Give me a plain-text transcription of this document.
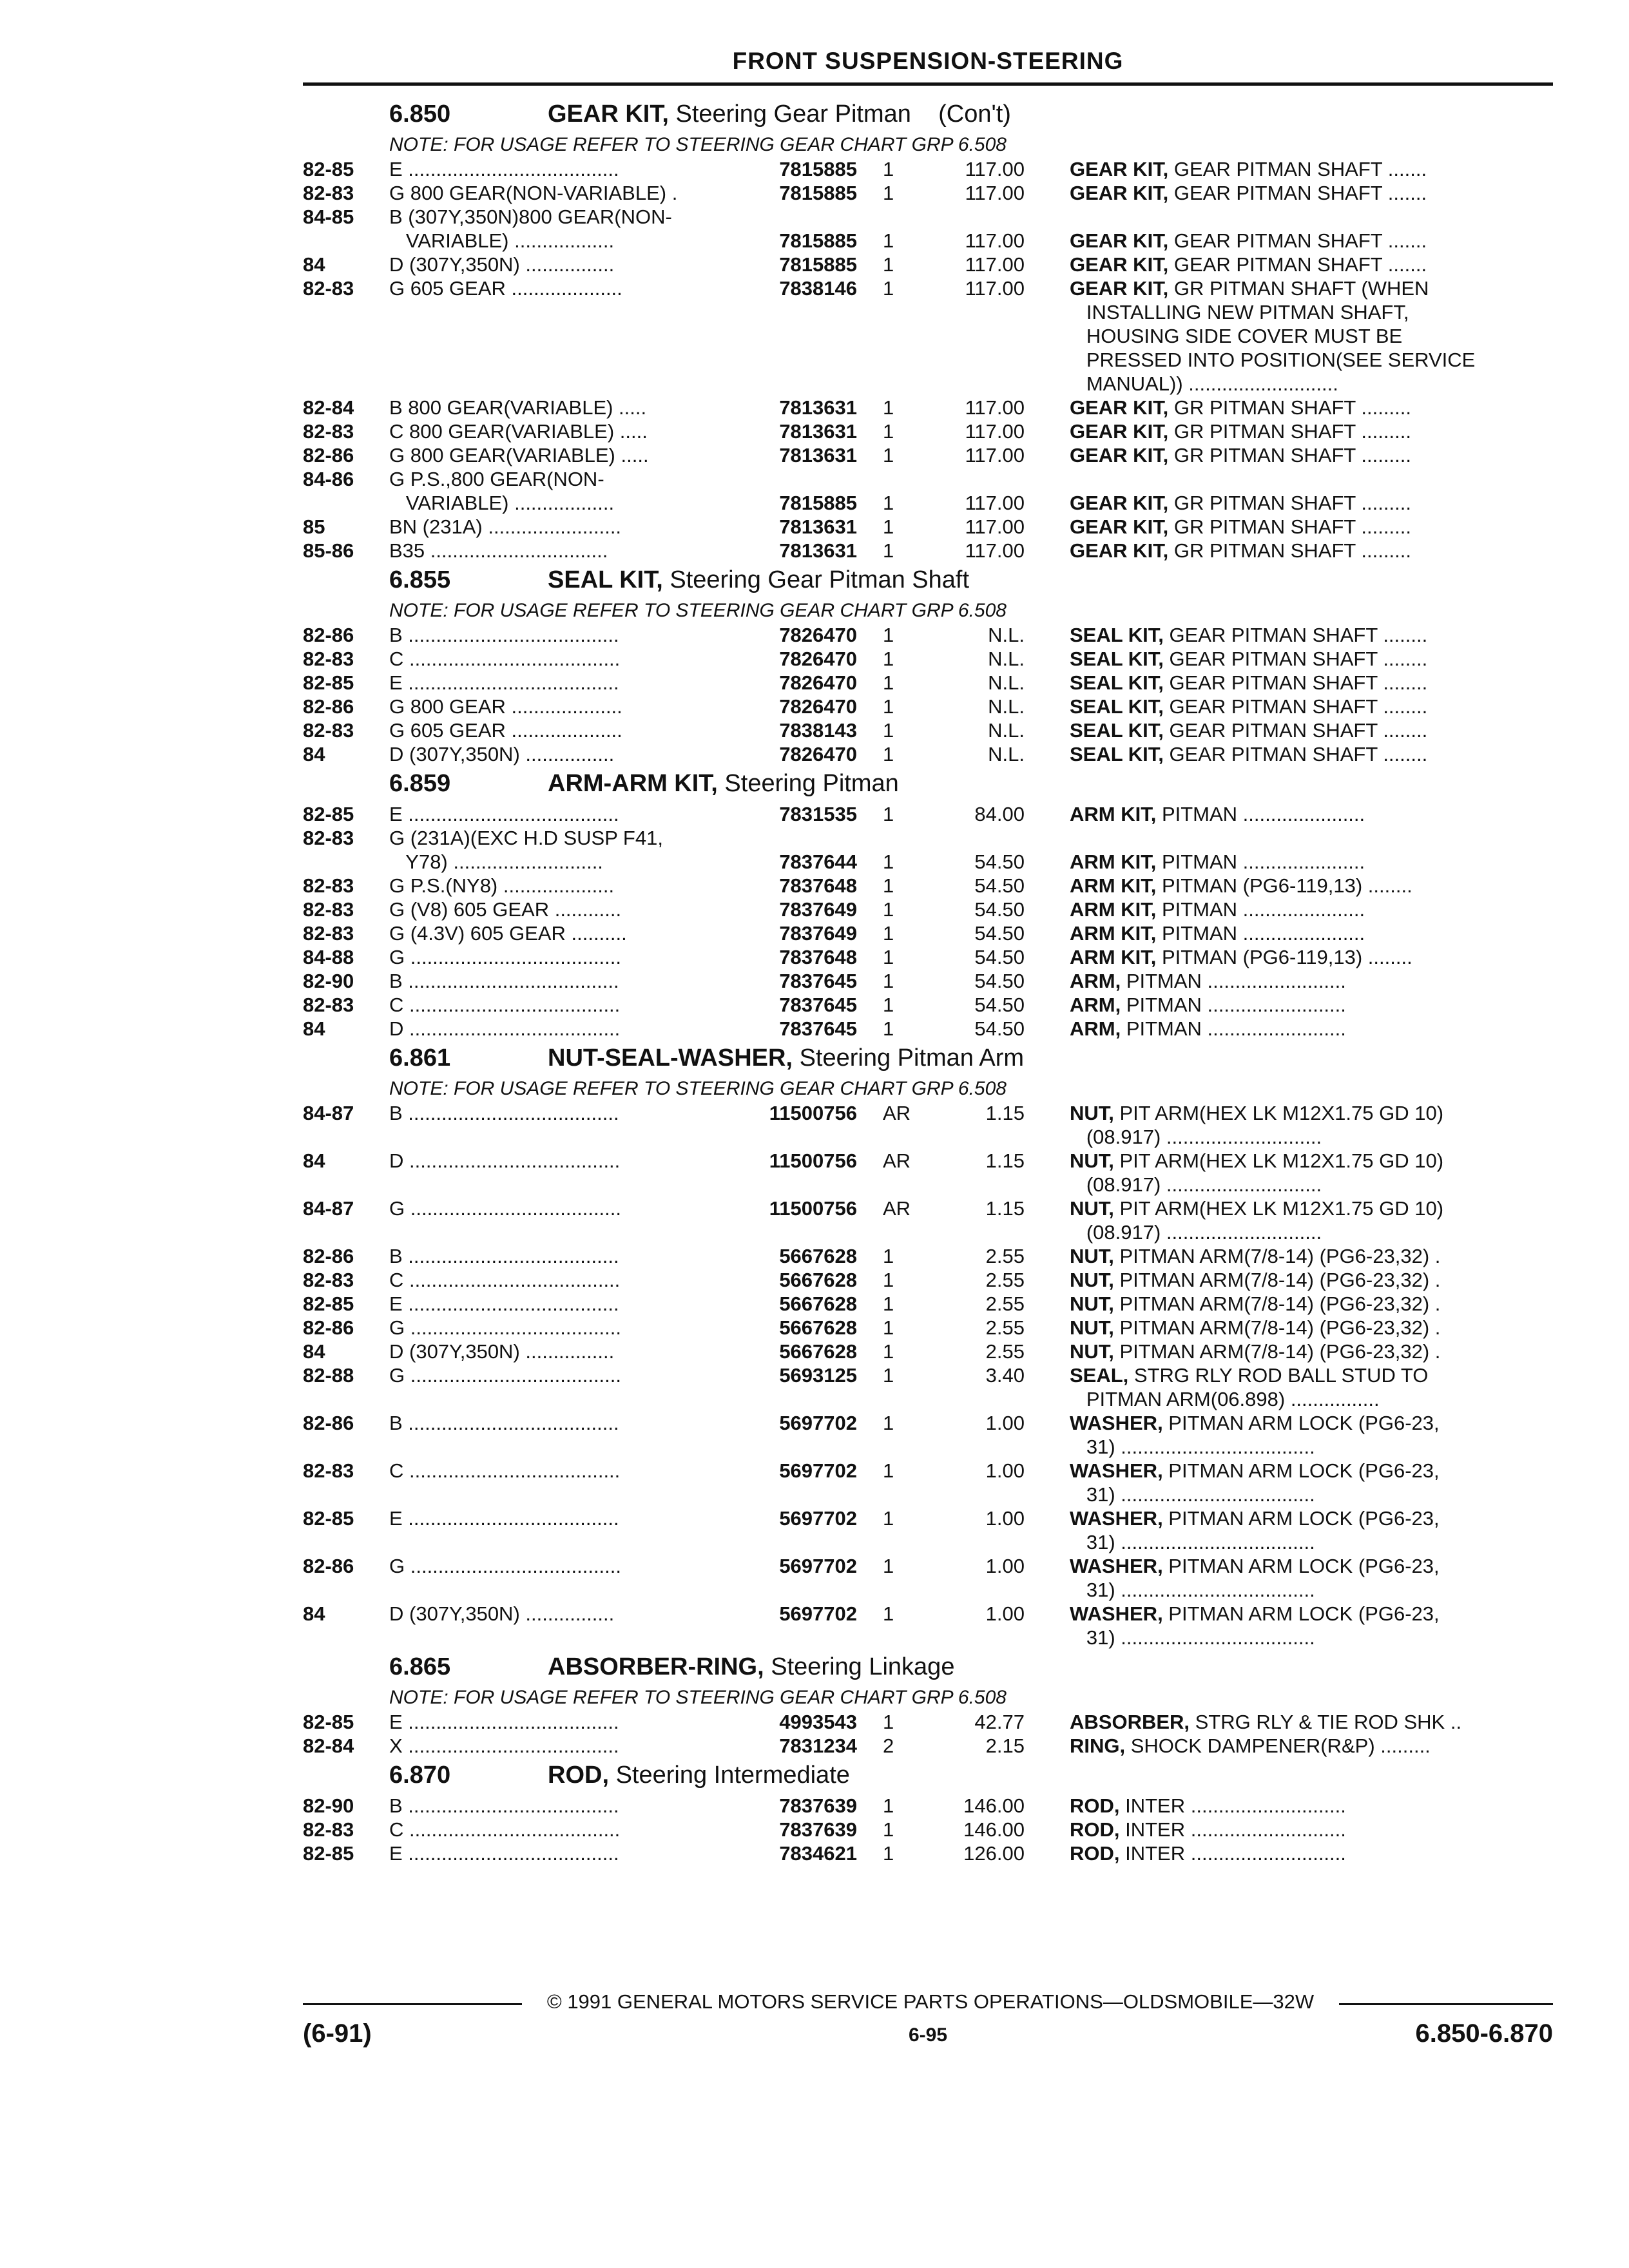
FRONT SUSPENSION-STEERING
6.850	GEAR KIT, Steering Gear Pitman (Con't)
NOTE: FOR USAGE REFER TO STEERING GEAR CHART GRP 6.508
82-85	E ......................................	7815885 1	117.00 GEAR KIT, GEAR PITMAN SHAFT .......
82-83	G 800 GEAR(NON-VARIABLE) .	7815885 1	117.00 GEAR KIT, GEAR PITMAN SHAFT .......
84-85	B (307Y,350N)800 GEAR(NON-
VARIABLE) ..................	7815885 1	117.00 GEAR KIT, GEAR PITMAN SHAFT .......
84	D (307Y,350N) ................	7815885 1	117.00 GEAR KIT, GEAR PITMAN SHAFT .......
82-83	G 605 GEAR ....................	7838146 1	117.00 GEAR KIT, GR PITMAN SHAFT (WHEN
INSTALLING NEW PITMAN SHAFT,
HOUSING SIDE COVER MUST BE
PRESSED INTO POSITION(SEE SERVICE
MANUAL)) ...........................
82-84	B 800 GEAR(VARIABLE) .....	7813631 1	117.00 GEAR KIT, GR PITMAN SHAFT .........
82-83	C 800 GEAR(VARIABLE) .....	7813631 1	117.00 GEAR KIT, GR PITMAN SHAFT .........
82-86	G 800 GEAR(VARIABLE) .....	7813631 1	117.00 GEAR KIT, GR PITMAN SHAFT .........
84-86	G P.S.,800 GEAR(NON-
VARIABLE) ..................	7815885 1	117.00 GEAR KIT, GR PITMAN SHAFT .........
85	BN (231A) ........................	7813631 1	117.00 GEAR KIT, GR PITMAN SHAFT .........
85-86	B35 ................................	7813631 1	117.00 GEAR KIT, GR PITMAN SHAFT .........
6.855	SEAL KIT, Steering Gear Pitman Shaft
NOTE: FOR USAGE REFER TO STEERING GEAR CHART GRP 6.508
82-86	B ......................................	7826470 1	N.L. SEAL KIT, GEAR PITMAN SHAFT ........
82-83	C ......................................	7826470 1	N.L. SEAL KIT, GEAR PITMAN SHAFT ........
82-85	E ......................................	7826470 1	N.L. SEAL KIT, GEAR PITMAN SHAFT ........
82-86	G 800 GEAR ....................	7826470 1	N.L. SEAL KIT, GEAR PITMAN SHAFT ........
82-83	G 605 GEAR ....................	7838143 1	N.L. SEAL KIT, GEAR PITMAN SHAFT ........
84	D (307Y,350N) ................	7826470 1	N.L. SEAL KIT, GEAR PITMAN SHAFT ........
6.859	ARM-ARM KIT, Steering Pitman
82-85	E ......................................	7831535 1	84.00 ARM KIT, PITMAN ......................
82-83	G (231A)(EXC H.D SUSP F41,
Y78) ...........................	7837644 1	54.50 ARM KIT, PITMAN ......................
82-83	G P.S.(NY8) ....................	7837648 1	54.50 ARM KIT, PITMAN (PG6-119,13) ........
82-83	G (V8) 605 GEAR ............	7837649 1	54.50 ARM KIT, PITMAN ......................
82-83	G (4.3V) 605 GEAR ..........	7837649 1	54.50 ARM KIT, PITMAN ......................
84-88	G ......................................	7837648 1	54.50 ARM KIT, PITMAN (PG6-119,13) ........
82-90	B ......................................	7837645 1	54.50 ARM, PITMAN .........................
82-83	C ......................................	7837645 1	54.50 ARM, PITMAN .........................
84	D ......................................	7837645 1	54.50 ARM, PITMAN .........................
6.861	NUT-SEAL-WASHER, Steering Pitman Arm
NOTE: FOR USAGE REFER TO STEERING GEAR CHART GRP 6.508
84-87	B ......................................	11500756 AR	1.15 NUT, PIT ARM(HEX LK M12X1.75 GD 10)
(08.917) ............................
84	D ......................................	11500756 AR	1.15 NUT, PIT ARM(HEX LK M12X1.75 GD 10)
(08.917) ............................
84-87	G ......................................	11500756 AR	1.15 NUT, PIT ARM(HEX LK M12X1.75 GD 10)
(08.917) ............................
82-86	B ......................................	5667628 1	2.55 NUT, PITMAN ARM(7/8-14) (PG6-23,32) .
82-83	C ......................................	5667628 1	2.55 NUT, PITMAN ARM(7/8-14) (PG6-23,32) .
82-85	E ......................................	5667628 1	2.55 NUT, PITMAN ARM(7/8-14) (PG6-23,32) .
82-86	G ......................................	5667628 1	2.55 NUT, PITMAN ARM(7/8-14) (PG6-23,32) .
84	D (307Y,350N) ................	5667628 1	2.55 NUT, PITMAN ARM(7/8-14) (PG6-23,32) .
82-88	G ......................................	5693125 1	3.40 SEAL, STRG RLY ROD BALL STUD TO
PITMAN ARM(06.898) ................
82-86	B ......................................	5697702 1	1.00 WASHER, PITMAN ARM LOCK (PG6-23,
31) ...................................
82-83	C ......................................	5697702 1	1.00 WASHER, PITMAN ARM LOCK (PG6-23,
31) ...................................
82-85	E ......................................	5697702 1	1.00 WASHER, PITMAN ARM LOCK (PG6-23,
31) ...................................
82-86	G ......................................	5697702 1	1.00 WASHER, PITMAN ARM LOCK (PG6-23,
31) ...................................
84	D (307Y,350N) ................	5697702 1	1.00 WASHER, PITMAN ARM LOCK (PG6-23,
31) ...................................
6.865	ABSORBER-RING, Steering Linkage
NOTE: FOR USAGE REFER TO STEERING GEAR CHART GRP 6.508
82-85	E ......................................	4993543 1	42.77 ABSORBER, STRG RLY & TIE ROD SHK ..
82-84	X ......................................	7831234 2	2.15 RING, SHOCK DAMPENER(R&P) .........
6.870	ROD, Steering Intermediate
82-90	B ......................................	7837639 1	146.00 ROD, INTER ............................
82-83	C ......................................	7837639 1	146.00 ROD, INTER ............................
82-85	E ......................................	7834621 1	126.00 ROD, INTER ............................
© 1991 GENERAL MOTORS SERVICE PARTS OPERATIONS—OLDSMOBILE—32W
(6-91)	6-95	6.850-6.870
